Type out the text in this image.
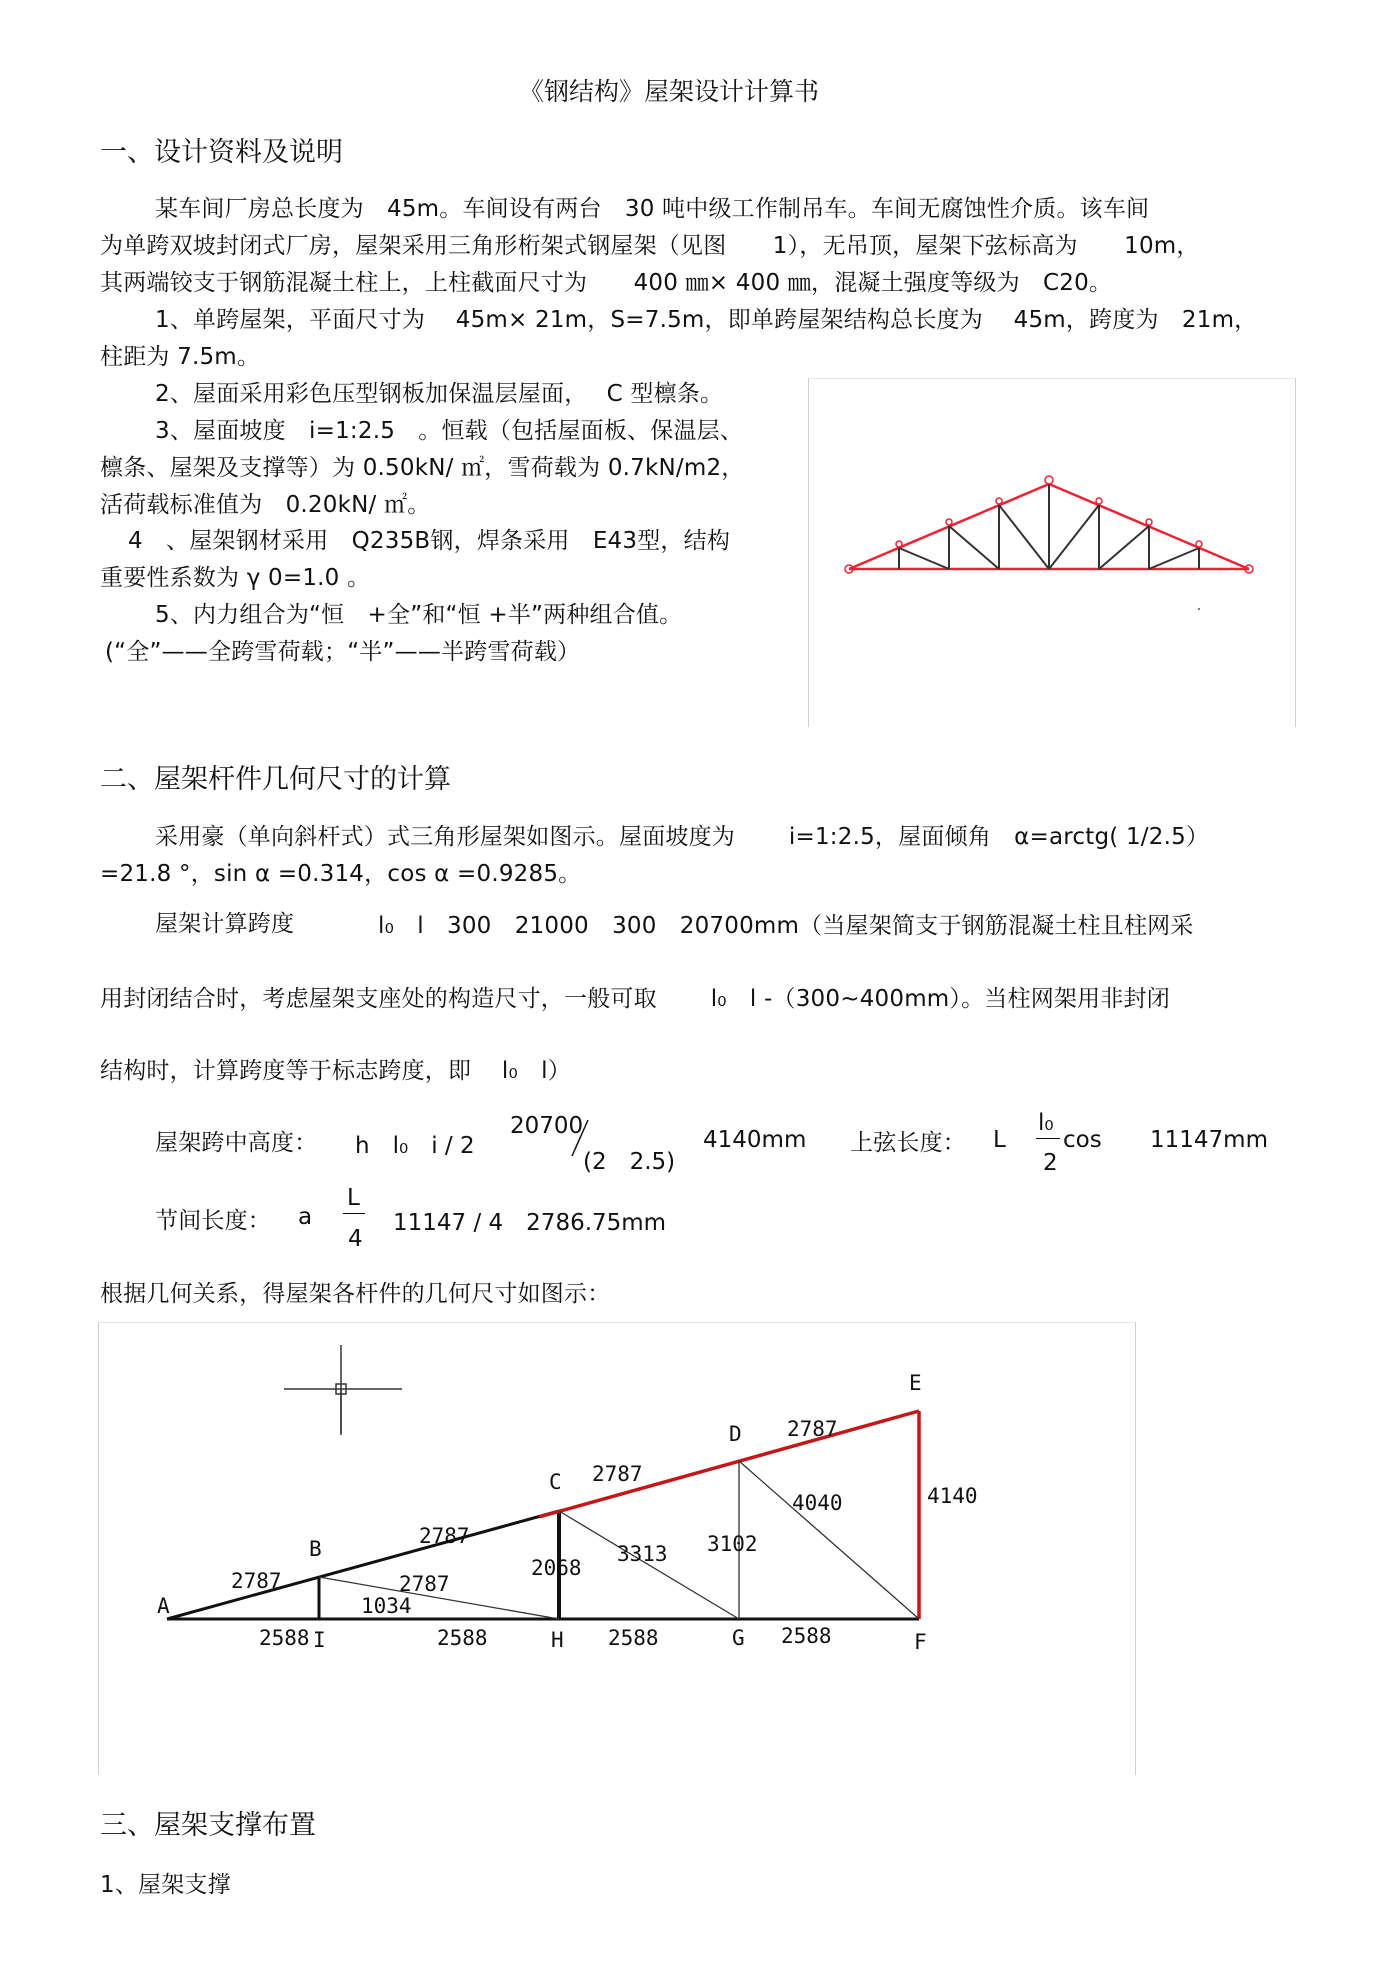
《钢结构》屋架设计计算书
一、设计资料及说明
某车间厂房总长度为　45m。车间设有两台　30 吨中级工作制吊车。车间无腐蚀性介质。该车间
为单跨双坡封闭式厂房，屋架采用三角形桁架式钢屋架（见图　　1），无吊顶，屋架下弦标高为　　10m，
其两端铰支于钢筋混凝土柱上，上柱截面尺寸为　　400 ㎜× 400 ㎜，混凝土强度等级为　C20。
1、单跨屋架，平面尺寸为　 45m× 21m，S=7.5m，即单跨屋架结构总长度为　 45m，跨度为　21m，
柱距为 7.5m。
2、屋面采用彩色压型钢板加保温层屋面，　 C 型檩条。
3、屋面坡度　i=1:2.5　。恒载（包括屋面板、保温层、
檩条、屋架及支撑等）为 0.50kN/ ㎡，雪荷载为 0.7kN/m2，
活荷载标准值为　0.20kN/ ㎡。
4　、屋架钢材采用　Q235B钢，焊条采用　E43型，结构
重要性系数为 γ 0=1.0 。
5、内力组合为“恒　+全”和“恒 +半”两种组合值。
(“全”——全跨雪荷载；“半”——半跨雪荷载）
二、屋架杆件几何尺寸的计算
采用豪（单向斜杆式）式三角形屋架如图示。屋面坡度为　　 i=1:2.5，屋面倾角　α=arctg( 1/2.5）
=21.8 °，sin α =0.314，cos α =0.9285。
屋架计算跨度	l₀　l　300　21000　300　20700mm（当屋架简支于钢筋混凝土柱且柱网采
用封闭结合时，考虑屋架支座处的构造尺寸，一般可取　　 l₀　l -（300~400mm）。当柱网架用非封闭
结构时，计算跨度等于标志跨度，即　 l₀　l）
屋架跨中高度： h　l₀　i / 2
20700
(2　2.5)
4140mm 上弦长度： L
l₀
2
cos 11147mm
节间长度： a
L
4
11147 / 4　2786.75mm
根据几何关系，得屋架各杆件的几何尺寸如图示：
A
B
C
D
E
F
G
H
I
2787
2787
2787
2787
2588	2588	2588	2588
1034
2068
3102
4140
2787
3313
4040
三、屋架支撑布置
1、屋架支撑
